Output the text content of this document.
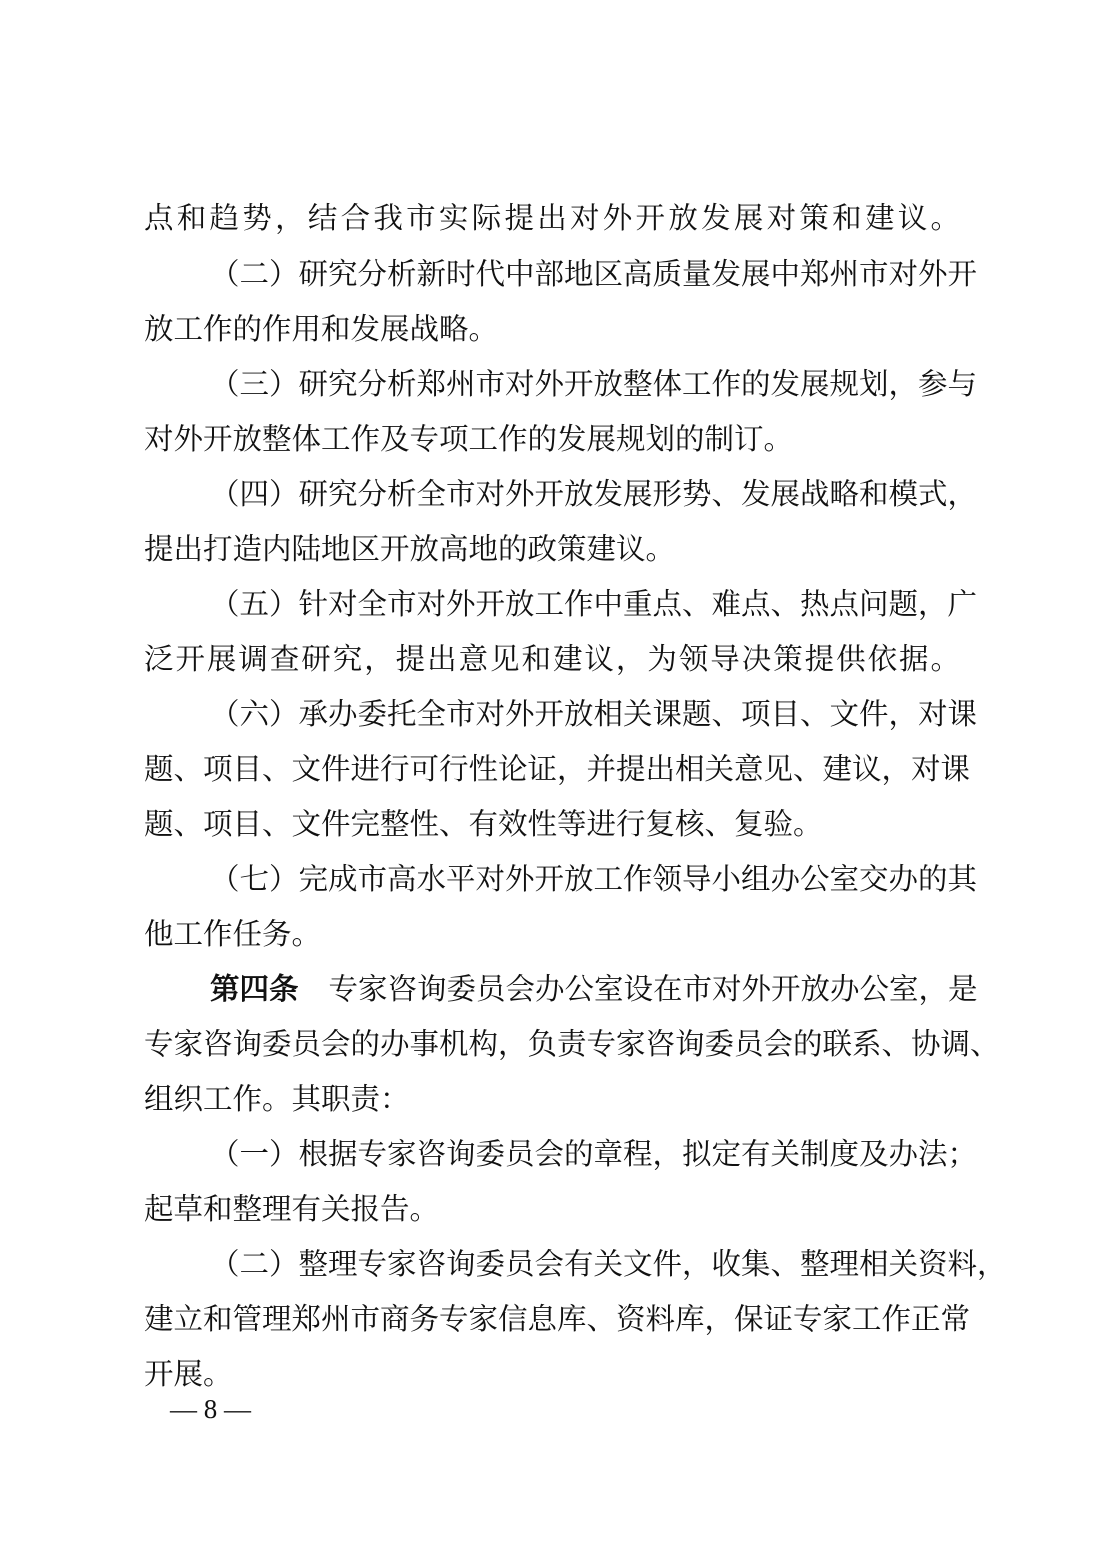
点和趋势，结合我市实际提出对外开放发展对策和建议。
（二）研究分析新时代中部地区高质量发展中郑州市对外开
放工作的作用和发展战略。
（三）研究分析郑州市对外开放整体工作的发展规划，参与
对外开放整体工作及专项工作的发展规划的制订。
（四）研究分析全市对外开放发展形势、发展战略和模式，
提出打造内陆地区开放高地的政策建议。
（五）针对全市对外开放工作中重点、难点、热点问题，广
泛开展调查研究，提出意见和建议，为领导决策提供依据。
（六）承办委托全市对外开放相关课题、项目、文件，对课
题、项目、文件进行可行性论证，并提出相关意见、建议，对课
题、项目、文件完整性、有效性等进行复核、复验。
（七）完成市高水平对外开放工作领导小组办公室交办的其
他工作任务。
第四条 专家咨询委员会办公室设在市对外开放办公室，是
专家咨询委员会的办事机构，负责专家咨询委员会的联系、协调、
组织工作。其职责：
（一）根据专家咨询委员会的章程，拟定有关制度及办法；
起草和整理有关报告。
（二）整理专家咨询委员会有关文件，收集、整理相关资料，
建立和管理郑州市商务专家信息库、资料库，保证专家工作正常
开展。
— 8 —
